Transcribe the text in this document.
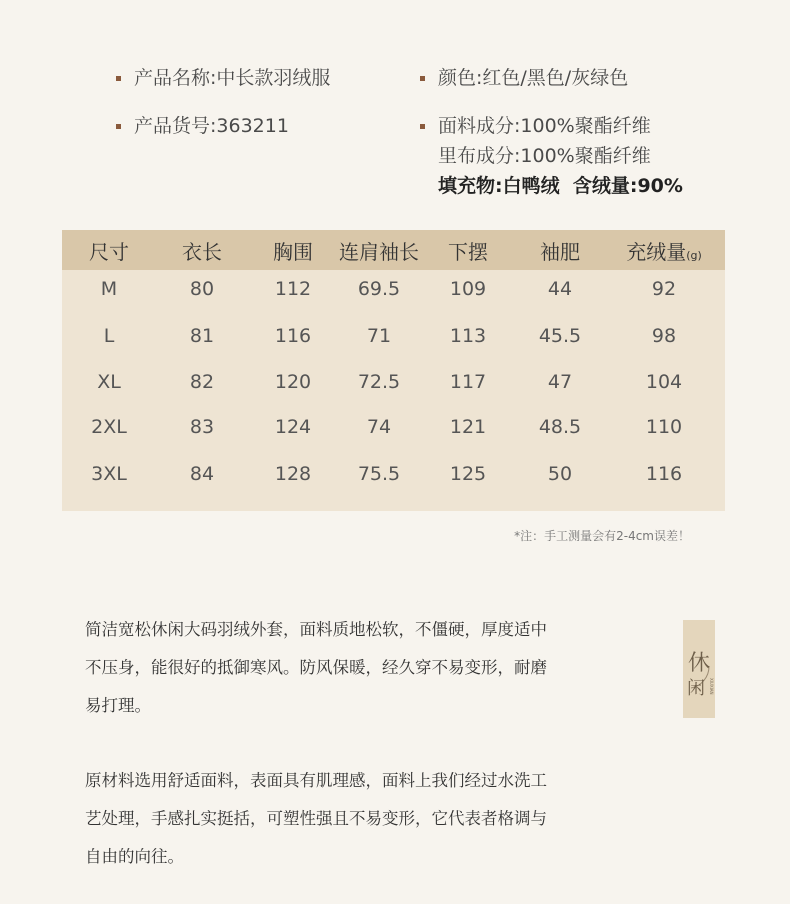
产品名称:中长款羽绒服
产品货号:363211
颜色:红色/黑色/灰绿色
面料成分:100%聚酯纤维
里布成分:100%聚酯纤维
填充物:白鸭绒 含绒量:90%
尺寸	衣长	胸围 连肩袖长 下摆	袖肥 充绒量(g)
M	80	112 69.5	109	44	92
L	81	116	71	113	45.5	98
XL	82	120 72.5	117	47	104
2XL	83	124	74	121	48.5	110
3XL	84	128 75.5	125	50	116
*注：手工测量会有2-4cm误差！
简洁宽松休闲大码羽绒外套，面料质地松软，不僵硬，厚度适中
不压身，能很好的抵御寒风。防风保暖，经久穿不易变形，耐磨
易打理。
原材料选用舒适面料，表面具有肌理感，面料上我们经过水洗工
艺处理，手感扎实挺括，可塑性强且不易变形，它代表者格调与
自由的向往。
休
闲 XIUXIAN
